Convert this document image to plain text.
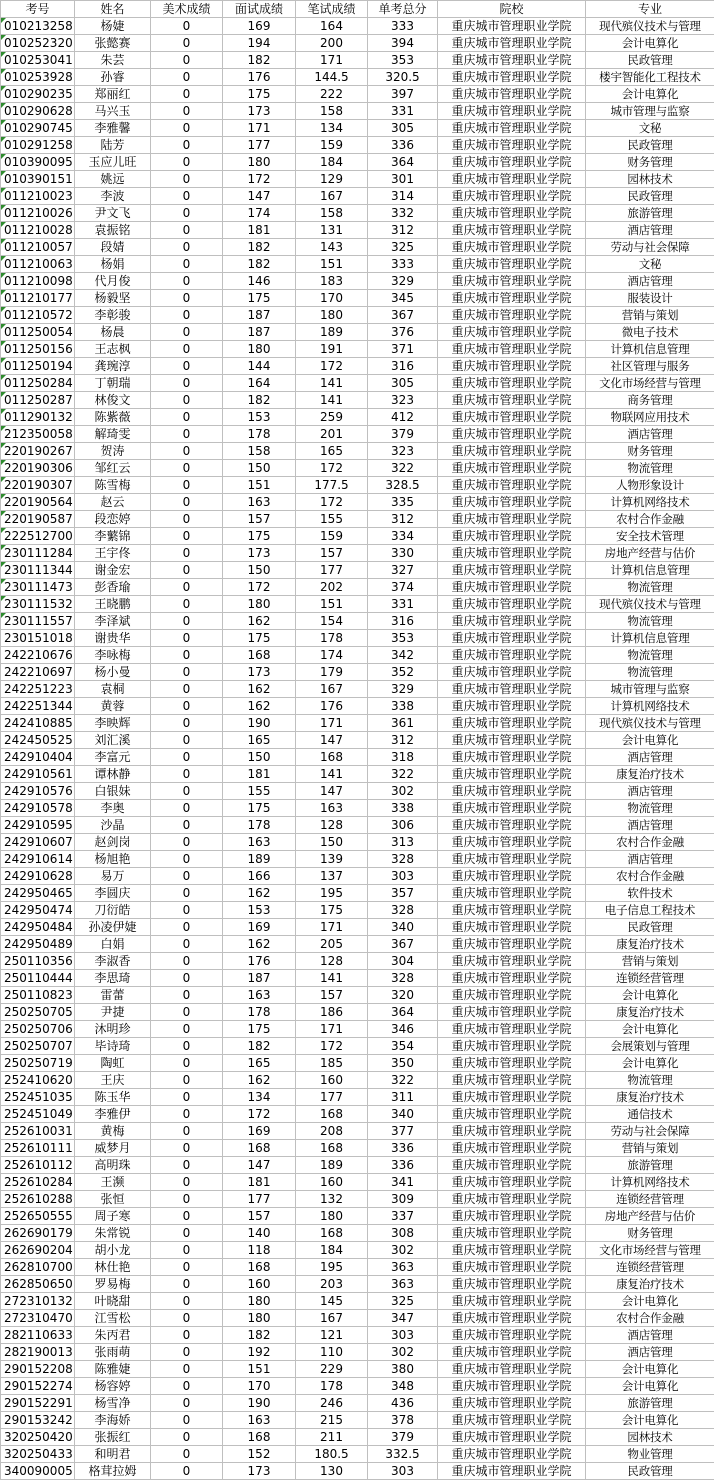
考号	姓名	美术成绩	面试成绩	笔试成绩	单考总分	院校	专业
010213258	杨婕	0	169	164	333	重庆城市管理职业学院	现代殡仪技术与管理
010252320	张懿赛	0	194	200	394	重庆城市管理职业学院	会计电算化
010253041	朱芸	0	182	171	353	重庆城市管理职业学院	民政管理
010253928	孙睿	0	176	144.5	320.5	重庆城市管理职业学院	楼宇智能化工程技术
010290235	郑丽红	0	175	222	397	重庆城市管理职业学院	会计电算化
010290628	马兴玉	0	173	158	331	重庆城市管理职业学院	城市管理与监察
010290745	李雅馨	0	171	134	305	重庆城市管理职业学院	文秘
010291258	陆芳	0	177	159	336	重庆城市管理职业学院	民政管理
010390095	玉应儿旺	0	180	184	364	重庆城市管理职业学院	财务管理
010390151	姚远	0	172	129	301	重庆城市管理职业学院	园林技术
011210023	李波	0	147	167	314	重庆城市管理职业学院	民政管理
011210026	尹文飞	0	174	158	332	重庆城市管理职业学院	旅游管理
011210028	袁振铭	0	181	131	312	重庆城市管理职业学院	酒店管理
011210057	段婧	0	182	143	325	重庆城市管理职业学院	劳动与社会保障
011210063	杨娟	0	182	151	333	重庆城市管理职业学院	文秘
011210098	代月俊	0	146	183	329	重庆城市管理职业学院	酒店管理
011210177	杨毅坚	0	175	170	345	重庆城市管理职业学院	服装设计
011210572	李彰骏	0	187	180	367	重庆城市管理职业学院	营销与策划
011250054	杨晨	0	187	189	376	重庆城市管理职业学院	微电子技术
011250156	王志枫	0	180	191	371	重庆城市管理职业学院	计算机信息管理
011250194	龚琬淳	0	144	172	316	重庆城市管理职业学院	社区管理与服务
011250284	丁朝瑞	0	164	141	305	重庆城市管理职业学院	文化市场经营与管理
011250287	林俊文	0	182	141	323	重庆城市管理职业学院	商务管理
011290132	陈紫薇	0	153	259	412	重庆城市管理职业学院	物联网应用技术
212350058	解琦雯	0	178	201	379	重庆城市管理职业学院	酒店管理
220190267	贺涛	0	158	165	323	重庆城市管理职业学院	财务管理
220190306	邹红云	0	150	172	322	重庆城市管理职业学院	物流管理
220190307	陈雪梅	0	151	177.5	328.5	重庆城市管理职业学院	人物形象设计
220190564	赵云	0	163	172	335	重庆城市管理职业学院	计算机网络技术
220190587	段恋婷	0	157	155	312	重庆城市管理职业学院	农村合作金融
222512700	李蘩锦	0	175	159	334	重庆城市管理职业学院	安全技术管理
230111284	王宇佟	0	173	157	330	重庆城市管理职业学院	房地产经营与估价
230111344	谢金宏	0	150	177	327	重庆城市管理职业学院	计算机信息管理
230111473	彭香瑜	0	172	202	374	重庆城市管理职业学院	物流管理
230111532	王晓鹏	0	180	151	331	重庆城市管理职业学院	现代殡仪技术与管理
230111557	李泽斌	0	162	154	316	重庆城市管理职业学院	物流管理
230151018	谢贵华	0	175	178	353	重庆城市管理职业学院	计算机信息管理
242210676	李咏梅	0	168	174	342	重庆城市管理职业学院	物流管理
242210697	杨小曼	0	173	179	352	重庆城市管理职业学院	物流管理
242251223	袁桐	0	162	167	329	重庆城市管理职业学院	城市管理与监察
242251344	黄蓉	0	162	176	338	重庆城市管理职业学院	计算机网络技术
242410885	李映辉	0	190	171	361	重庆城市管理职业学院	现代殡仪技术与管理
242450525	刘汇溪	0	165	147	312	重庆城市管理职业学院	会计电算化
242910404	李富元	0	150	168	318	重庆城市管理职业学院	酒店管理
242910561	谭林静	0	181	141	322	重庆城市管理职业学院	康复治疗技术
242910576	白银妹	0	155	147	302	重庆城市管理职业学院	酒店管理
242910578	李奥	0	175	163	338	重庆城市管理职业学院	物流管理
242910595	沙晶	0	178	128	306	重庆城市管理职业学院	酒店管理
242910607	赵剑岗	0	163	150	313	重庆城市管理职业学院	农村合作金融
242910614	杨旭艳	0	189	139	328	重庆城市管理职业学院	酒店管理
242910628	易万	0	166	137	303	重庆城市管理职业学院	农村合作金融
242950465	李圆庆	0	162	195	357	重庆城市管理职业学院	软件技术
242950474	刀衍皓	0	153	175	328	重庆城市管理职业学院	电子信息工程技术
242950484	孙凌伊婕	0	169	171	340	重庆城市管理职业学院	民政管理
242950489	白娟	0	162	205	367	重庆城市管理职业学院	康复治疗技术
250110356	李淑香	0	176	128	304	重庆城市管理职业学院	营销与策划
250110444	李思琦	0	187	141	328	重庆城市管理职业学院	连锁经营管理
250110823	雷蕾	0	163	157	320	重庆城市管理职业学院	会计电算化
250250705	尹捷	0	178	186	364	重庆城市管理职业学院	康复治疗技术
250250706	沐明珍	0	175	171	346	重庆城市管理职业学院	会计电算化
250250707	毕诗琦	0	182	172	354	重庆城市管理职业学院	会展策划与管理
250250719	陶虹	0	165	185	350	重庆城市管理职业学院	会计电算化
252410620	王庆	0	162	160	322	重庆城市管理职业学院	物流管理
252451035	陈玉华	0	134	177	311	重庆城市管理职业学院	康复治疗技术
252451049	李雅伊	0	172	168	340	重庆城市管理职业学院	通信技术
252610031	黄梅	0	169	208	377	重庆城市管理职业学院	劳动与社会保障
252610111	威梦月	0	168	168	336	重庆城市管理职业学院	营销与策划
252610112	高明珠	0	147	189	336	重庆城市管理职业学院	旅游管理
252610284	王濒	0	181	160	341	重庆城市管理职业学院	计算机网络技术
252610288	张恒	0	177	132	309	重庆城市管理职业学院	连锁经营管理
252650555	周子寒	0	157	180	337	重庆城市管理职业学院	房地产经营与估价
262690179	朱常锐	0	140	168	308	重庆城市管理职业学院	财务管理
262690204	胡小龙	0	118	184	302	重庆城市管理职业学院	文化市场经营与管理
262810700	林仕艳	0	168	195	363	重庆城市管理职业学院	连锁经营管理
262850650	罗易梅	0	160	203	363	重庆城市管理职业学院	康复治疗技术
272310132	叶晓甜	0	180	145	325	重庆城市管理职业学院	会计电算化
272310470	江雪松	0	180	167	347	重庆城市管理职业学院	农村合作金融
282110633	朱丙君	0	182	121	303	重庆城市管理职业学院	酒店管理
282190013	张雨萌	0	192	110	302	重庆城市管理职业学院	酒店管理
290152208	陈雅婕	0	151	229	380	重庆城市管理职业学院	会计电算化
290152274	杨容婷	0	170	178	348	重庆城市管理职业学院	会计电算化
290152291	杨雪净	0	190	246	436	重庆城市管理职业学院	旅游管理
290153242	李海娇	0	163	215	378	重庆城市管理职业学院	会计电算化
320250420	张振红	0	168	211	379	重庆城市管理职业学院	园林技术
320250433	和明君	0	152	180.5	332.5	重庆城市管理职业学院	物业管理
340090005	格茸拉姆	0	173	130	303	重庆城市管理职业学院	民政管理
